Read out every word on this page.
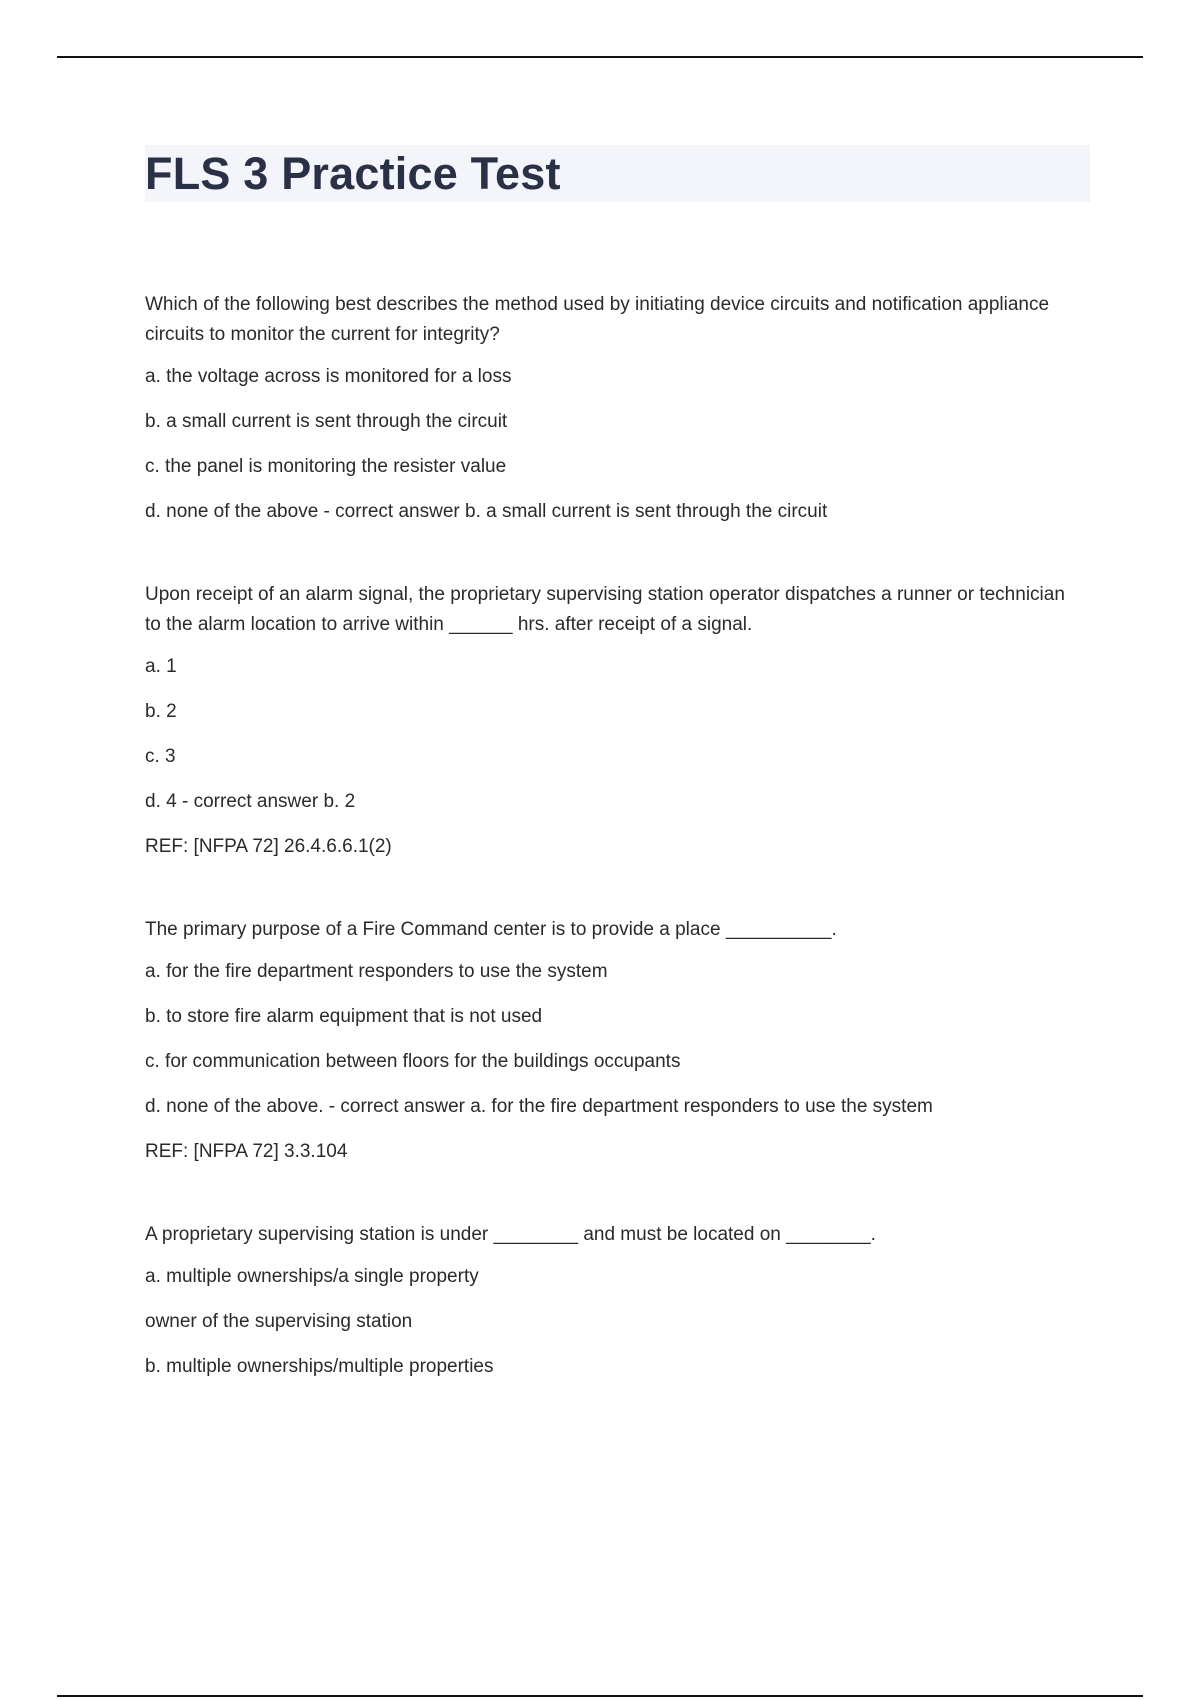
FLS 3 Practice Test

Which of the following best describes the method used by initiating device circuits and notification appliance circuits to monitor the current for integrity?

a. the voltage across is monitored for a loss

b. a small current is sent through the circuit

c. the panel is monitoring the resister value

d. none of the above - correct answer b. a small current is sent through the circuit

Upon receipt of an alarm signal, the proprietary supervising station operator dispatches a runner or technician to the alarm location to arrive within ______ hrs. after receipt of a signal.

a. 1

b. 2

c. 3

d. 4 - correct answer b. 2

REF: [NFPA 72] 26.4.6.6.1(2)

The primary purpose of a Fire Command center is to provide a place __________.

a. for the fire department responders to use the system

b. to store fire alarm equipment that is not used

c. for communication between floors for the buildings occupants

d. none of the above. - correct answer a. for the fire department responders to use the system

REF: [NFPA 72] 3.3.104

A proprietary supervising station is under ________ and must be located on ________.

a. multiple ownerships/a single property

owner of the supervising station

b. multiple ownerships/multiple properties
